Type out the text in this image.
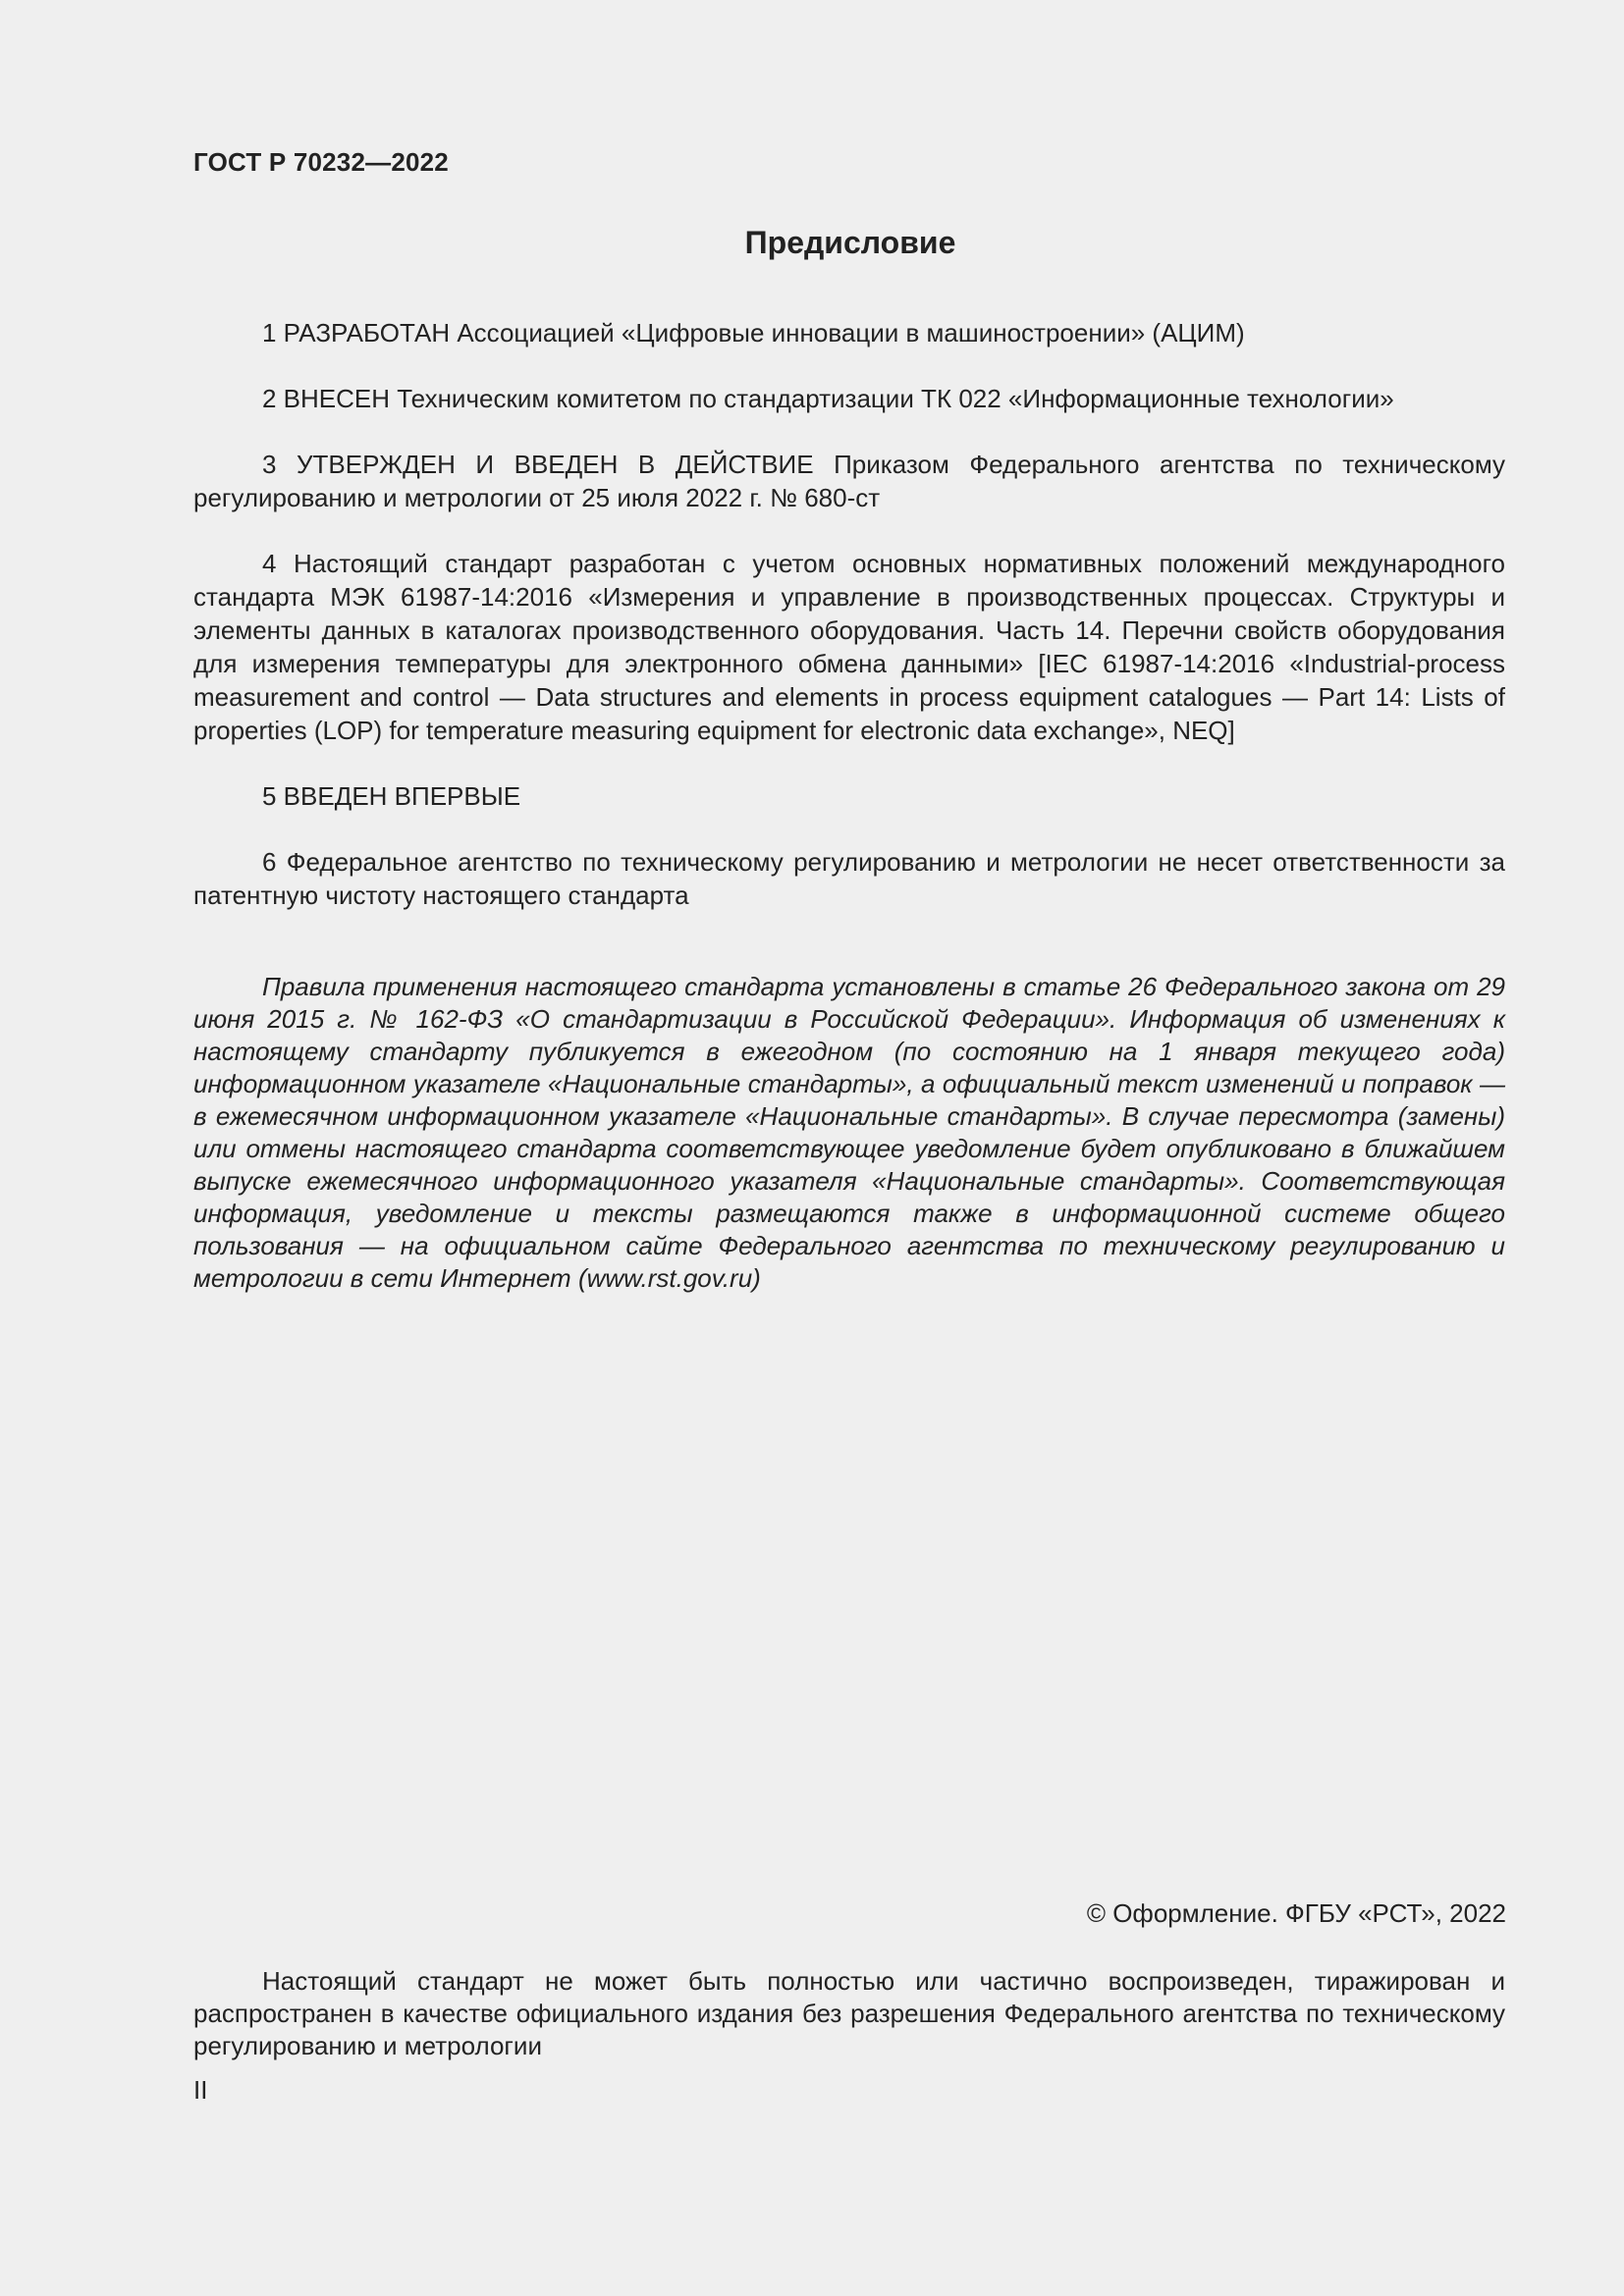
ГОСТ Р 70232—2022
Предисловие

1 РАЗРАБОТАН Ассоциацией «Цифровые инновации в машиностроении» (АЦИМ)

2 ВНЕСЕН Техническим комитетом по стандартизации ТК 022 «Информационные технологии»

3 УТВЕРЖДЕН И ВВЕДЕН В ДЕЙСТВИЕ Приказом Федерального агентства по техническому регулированию и метрологии от 25 июля 2022 г. № 680-ст

4 Настоящий стандарт разработан с учетом основных нормативных положений международного стандарта МЭК 61987-14:2016 «Измерения и управление в производственных процессах. Структуры и элементы данных в каталогах производственного оборудования. Часть 14. Перечни свойств оборудования для измерения температуры для электронного обмена данными» [IEC 61987-14:2016 «Industrial-process measurement and control — Data structures and elements in process equipment catalogues — Part 14: Lists of properties (LOP) for temperature measuring equipment for electronic data exchange», NEQ]

5 ВВЕДЕН ВПЕРВЫЕ

6 Федеральное агентство по техническому регулированию и метрологии не несет ответственности за патентную чистоту настоящего стандарта

Правила применения настоящего стандарта установлены в статье 26 Федерального закона от 29 июня 2015 г. № 162-ФЗ «О стандартизации в Российской Федерации». Информация об изменениях к настоящему стандарту публикуется в ежегодном (по состоянию на 1 января текущего года) информационном указателе «Национальные стандарты», а официальный текст изменений и поправок — в ежемесячном информационном указателе «Национальные стандарты». В случае пересмотра (замены) или отмены настоящего стандарта соответствующее уведомление будет опубликовано в ближайшем выпуске ежемесячного информационного указателя «Национальные стандарты». Соответствующая информация, уведомление и тексты размещаются также в информационной системе общего пользования — на официальном сайте Федерального агентства по техническому регулированию и метрологии в сети Интернет (www.rst.gov.ru)

© Оформление. ФГБУ «РСТ», 2022

Настоящий стандарт не может быть полностью или частично воспроизведен, тиражирован и распространен в качестве официального издания без разрешения Федерального агентства по техническому регулированию и метрологии

II
